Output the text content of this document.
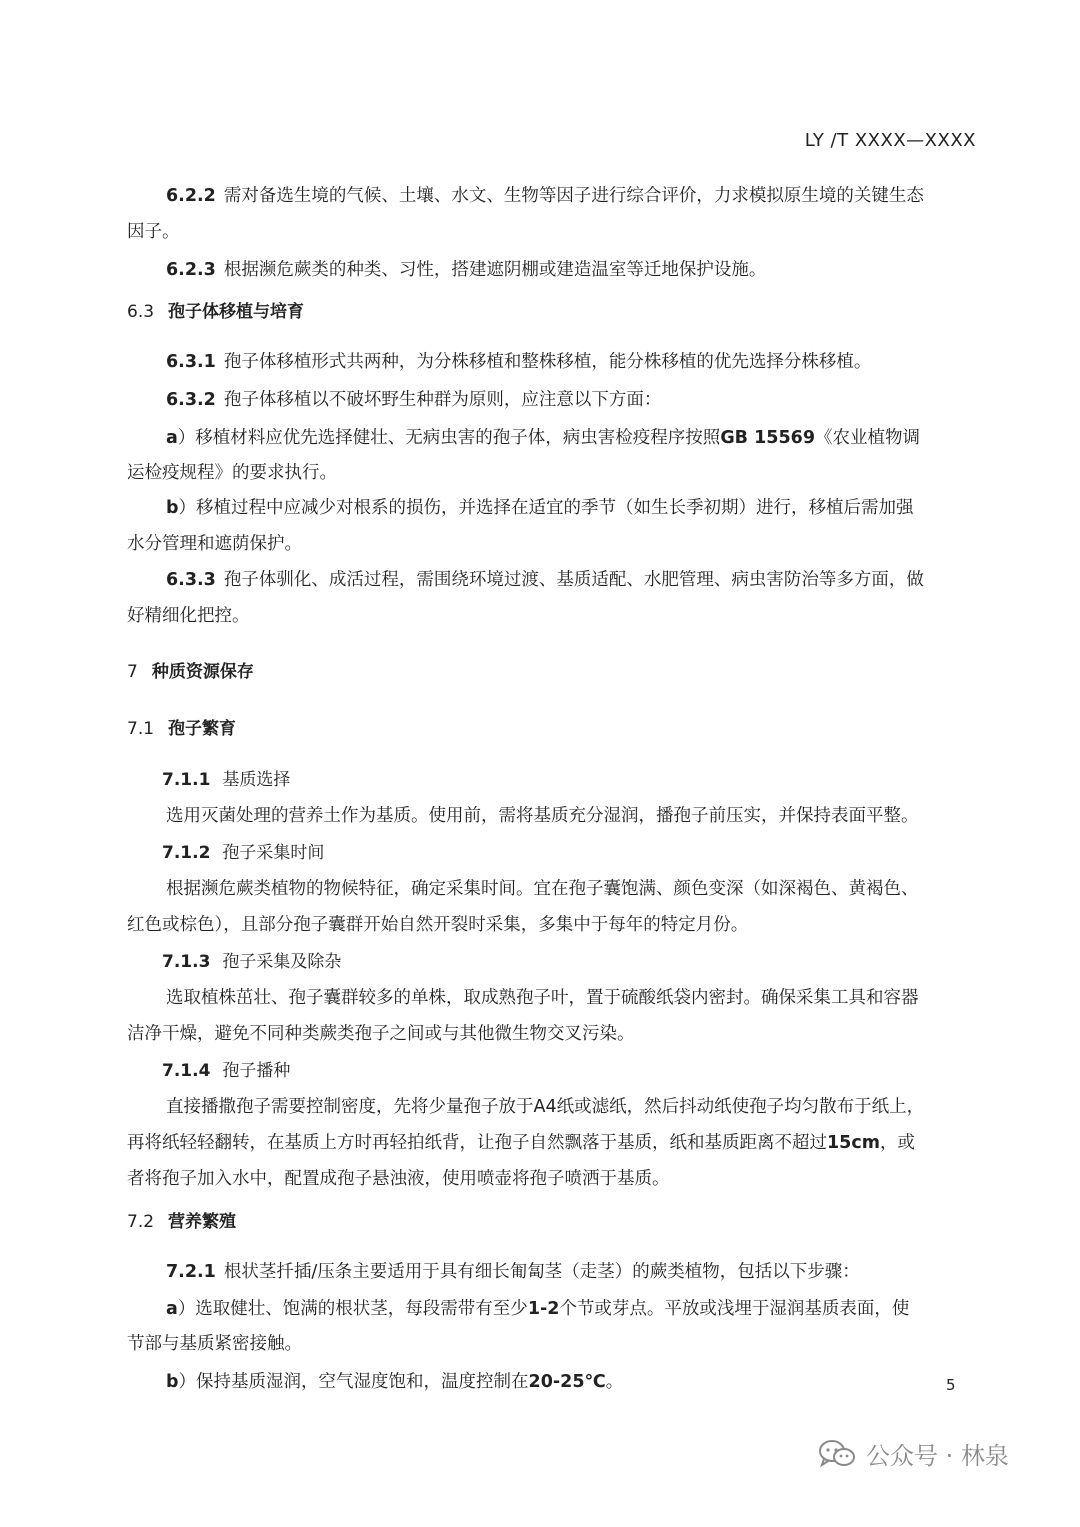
LY /T XXXX—XXXX
6.2.2 需对备选生境的气候、土壤、水文、生物等因子进行综合评价，力求模拟原生境的关键生态
因子。
6.2.3 根据濒危蕨类的种类、习性，搭建遮阴棚或建造温室等迁地保护设施。
6.3 孢子体移植与培育
6.3.1 孢子体移植形式共两种，为分株移植和整株移植，能分株移植的优先选择分株移植。
6.3.2 孢子体移植以不破坏野生种群为原则，应注意以下方面：
a）移植材料应优先选择健壮、无病虫害的孢子体，病虫害检疫程序按照GB 15569《农业植物调
运检疫规程》的要求执行。
b）移植过程中应减少对根系的损伤，并选择在适宜的季节（如生长季初期）进行，移植后需加强
水分管理和遮荫保护。
6.3.3 孢子体驯化、成活过程，需围绕环境过渡、基质适配、水肥管理、病虫害防治等多方面，做
好精细化把控。
7 种质资源保存
7.1 孢子繁育
7.1.1 基质选择
选用灭菌处理的营养土作为基质。使用前，需将基质充分湿润，播孢子前压实，并保持表面平整。
7.1.2 孢子采集时间
根据濒危蕨类植物的物候特征，确定采集时间。宜在孢子囊饱满、颜色变深（如深褐色、黄褐色、
红色或棕色），且部分孢子囊群开始自然开裂时采集，多集中于每年的特定月份。
7.1.3 孢子采集及除杂
选取植株茁壮、孢子囊群较多的单株，取成熟孢子叶，置于硫酸纸袋内密封。确保采集工具和容器
洁净干燥，避免不同种类蕨类孢子之间或与其他微生物交叉污染。
7.1.4 孢子播种
直接播撒孢子需要控制密度，先将少量孢子放于A4纸或滤纸，然后抖动纸使孢子均匀散布于纸上，
再将纸轻轻翻转，在基质上方时再轻拍纸背，让孢子自然飘落于基质，纸和基质距离不超过15cm，或
者将孢子加入水中，配置成孢子悬浊液，使用喷壶将孢子喷洒于基质。
7.2 营养繁殖
7.2.1 根状茎扦插/压条主要适用于具有细长匍匐茎（走茎）的蕨类植物，包括以下步骤：
a）选取健壮、饱满的根状茎，每段需带有至少1-2个节或芽点。平放或浅埋于湿润基质表面，使
节部与基质紧密接触。
b）保持基质湿润，空气湿度饱和，温度控制在20-25℃。	5
公众号 · 林泉
